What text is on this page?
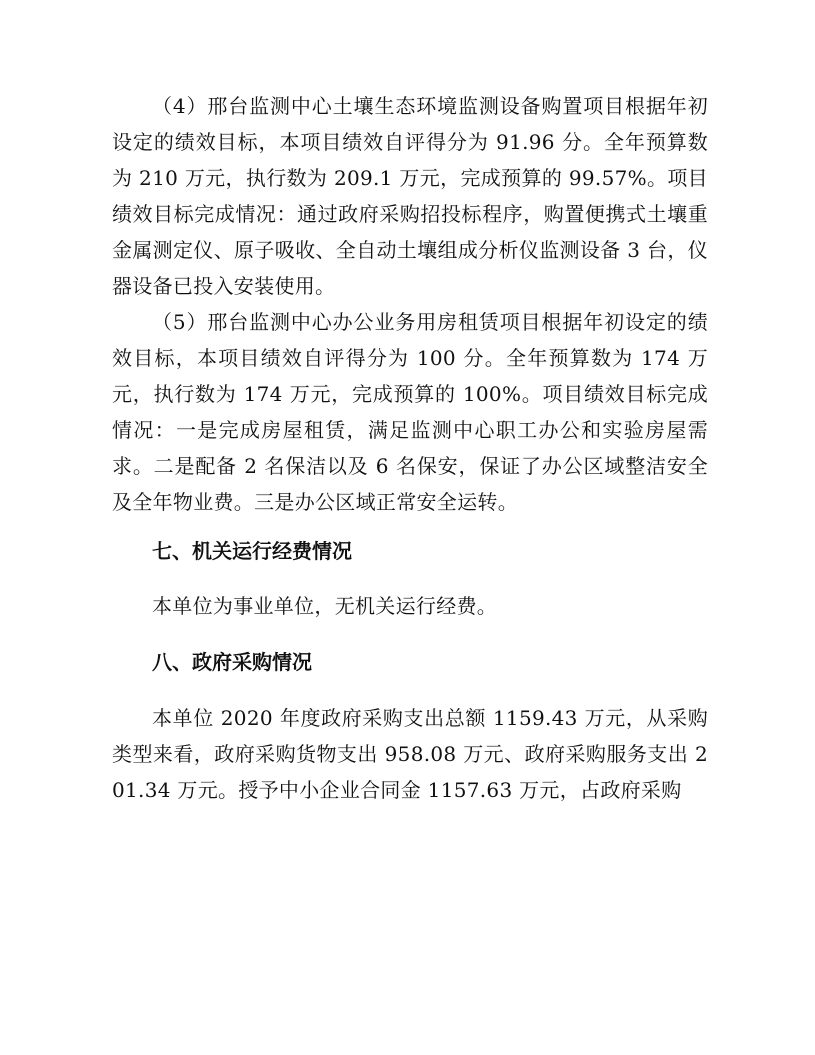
（4）邢台监测中心土壤生态环境监测设备购置项目根据年初设定的绩效目标，本项目绩效自评得分为 91.96 分。全年预算数为 210 万元，执行数为 209.1 万元，完成预算的 99.57%。项目绩效目标完成情况：通过政府采购招投标程序，购置便携式土壤重金属测定仪、原子吸收、全自动土壤组成分析仪监测设备 3 台，仪器设备已投入安装使用。

（5）邢台监测中心办公业务用房租赁项目根据年初设定的绩效目标，本项目绩效自评得分为 100 分。全年预算数为 174 万元，执行数为 174 万元，完成预算的 100%。项目绩效目标完成情况：一是完成房屋租赁，满足监测中心职工办公和实验房屋需求。二是配备 2 名保洁以及 6 名保安，保证了办公区域整洁安全及全年物业费。三是办公区域正常安全运转。

七、机关运行经费情况

本单位为事业单位，无机关运行经费。

八、政府采购情况

本单位 2020 年度政府采购支出总额 1159.43 万元，从采购类型来看，政府采购货物支出 958.08 万元、政府采购服务支出 201.34 万元。授予中小企业合同金 1157.63 万元，占政府采购
